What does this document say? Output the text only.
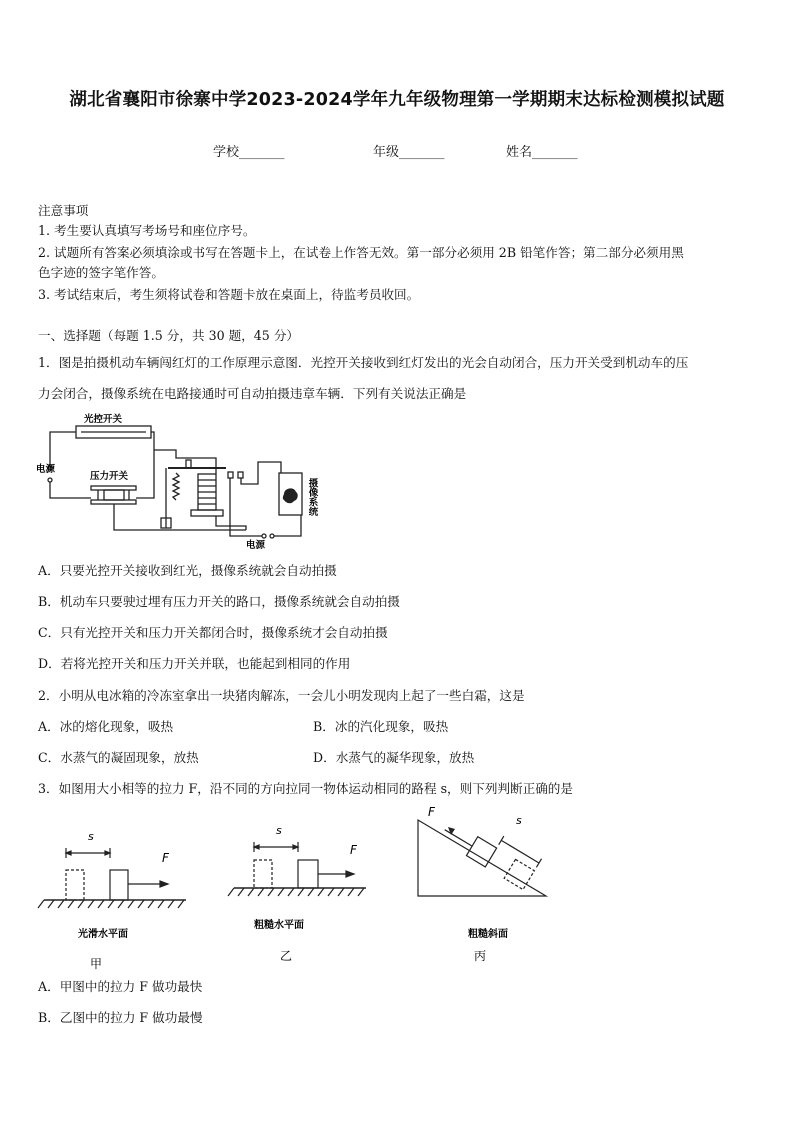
湖北省襄阳市徐寨中学2023-2024学年九年级物理第一学期期末达标检测模拟试题
学校_______	年级_______	姓名_______
注意事项
1. 考生要认真填写考场号和座位序号。
2. 试题所有答案必须填涂或书写在答题卡上，在试卷上作答无效。第一部分必须用 2B 铅笔作答；第二部分必须用黑
色字迹的签字笔作答。
3. 考试结束后，考生须将试卷和答题卡放在桌面上，待监考员收回。
一、选择题（每题 1.5 分，共 30 题，45 分）
1．图是拍摄机动车辆闯红灯的工作原理示意图．光控开关接收到红灯发出的光会自动闭合，压力开关受到机动车的压
力会闭合，摄像系统在电路接通时可自动拍摄违章车辆．下列有关说法正确是
光控开关
电源
压力开关
电源
摄像系统
A．只要光控开关接收到红光，摄像系统就会自动拍摄
B．机动车只要驶过埋有压力开关的路口，摄像系统就会自动拍摄
C．只有光控开关和压力开关都闭合时，摄像系统才会自动拍摄
D．若将光控开关和压力开关并联，也能起到相同的作用
2．小明从电冰箱的冷冻室拿出一块猪肉解冻，一会儿小明发现肉上起了一些白霜，这是
A．冰的熔化现象，吸热	B．冰的汽化现象，吸热
C．水蒸气的凝固现象，放热	D．水蒸气的凝华现象，放热
3．如图用大小相等的拉力 F，沿不同的方向拉同一物体运动相同的路程 s，则下列判断正确的是
s
F
s
F
F
s
光滑水平面
粗糙水平面
粗糙斜面
甲
乙	丙
A．甲图中的拉力 F 做功最快
B．乙图中的拉力 F 做功最慢
